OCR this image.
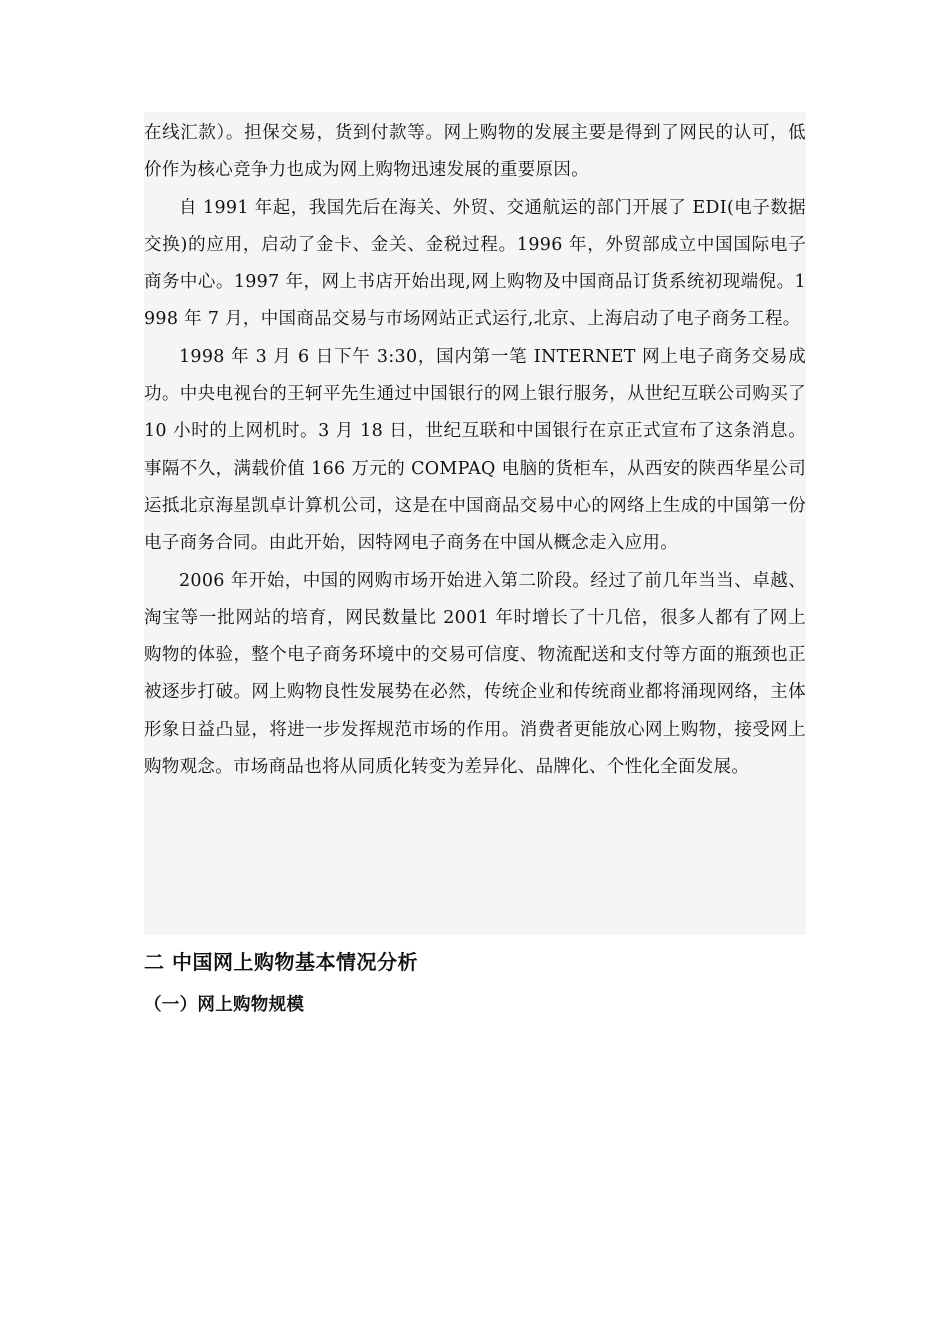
在线汇款）。担保交易，货到付款等。网上购物的发展主要是得到了网民的认可，低价作为核心竞争力也成为网上购物迅速发展的重要原因。

自 1991 年起，我国先后在海关、外贸、交通航运的部门开展了 EDI(电子数据交换)的应用，启动了金卡、金关、金税过程。1996 年，外贸部成立中国国际电子商务中心。1997 年，网上书店开始出现,网上购物及中国商品订货系统初现端倪。1998 年 7 月，中国商品交易与市场网站正式运行,北京、上海启动了电子商务工程。

1998 年 3 月 6 日下午 3:30，国内第一笔 INTERNET 网上电子商务交易成功。中央电视台的王轲平先生通过中国银行的网上银行服务，从世纪互联公司购买了 10 小时的上网机时。3 月 18 日，世纪互联和中国银行在京正式宣布了这条消息。事隔不久，满载价值 166 万元的 COMPAQ 电脑的货柜车，从西安的陕西华星公司运抵北京海星凯卓计算机公司，这是在中国商品交易中心的网络上生成的中国第一份电子商务合同。由此开始，因特网电子商务在中国从概念走入应用。

2006 年开始，中国的网购市场开始进入第二阶段。经过了前几年当当、卓越、淘宝等一批网站的培育，网民数量比 2001 年时增长了十几倍，很多人都有了网上购物的体验，整个电子商务环境中的交易可信度、物流配送和支付等方面的瓶颈也正被逐步打破。网上购物良性发展势在必然，传统企业和传统商业都将涌现网络，主体形象日益凸显，将进一步发挥规范市场的作用。消费者更能放心网上购物，接受网上购物观念。市场商品也将从同质化转变为差异化、品牌化、个性化全面发展。

二 中国网上购物基本情况分析
（一）网上购物规模
